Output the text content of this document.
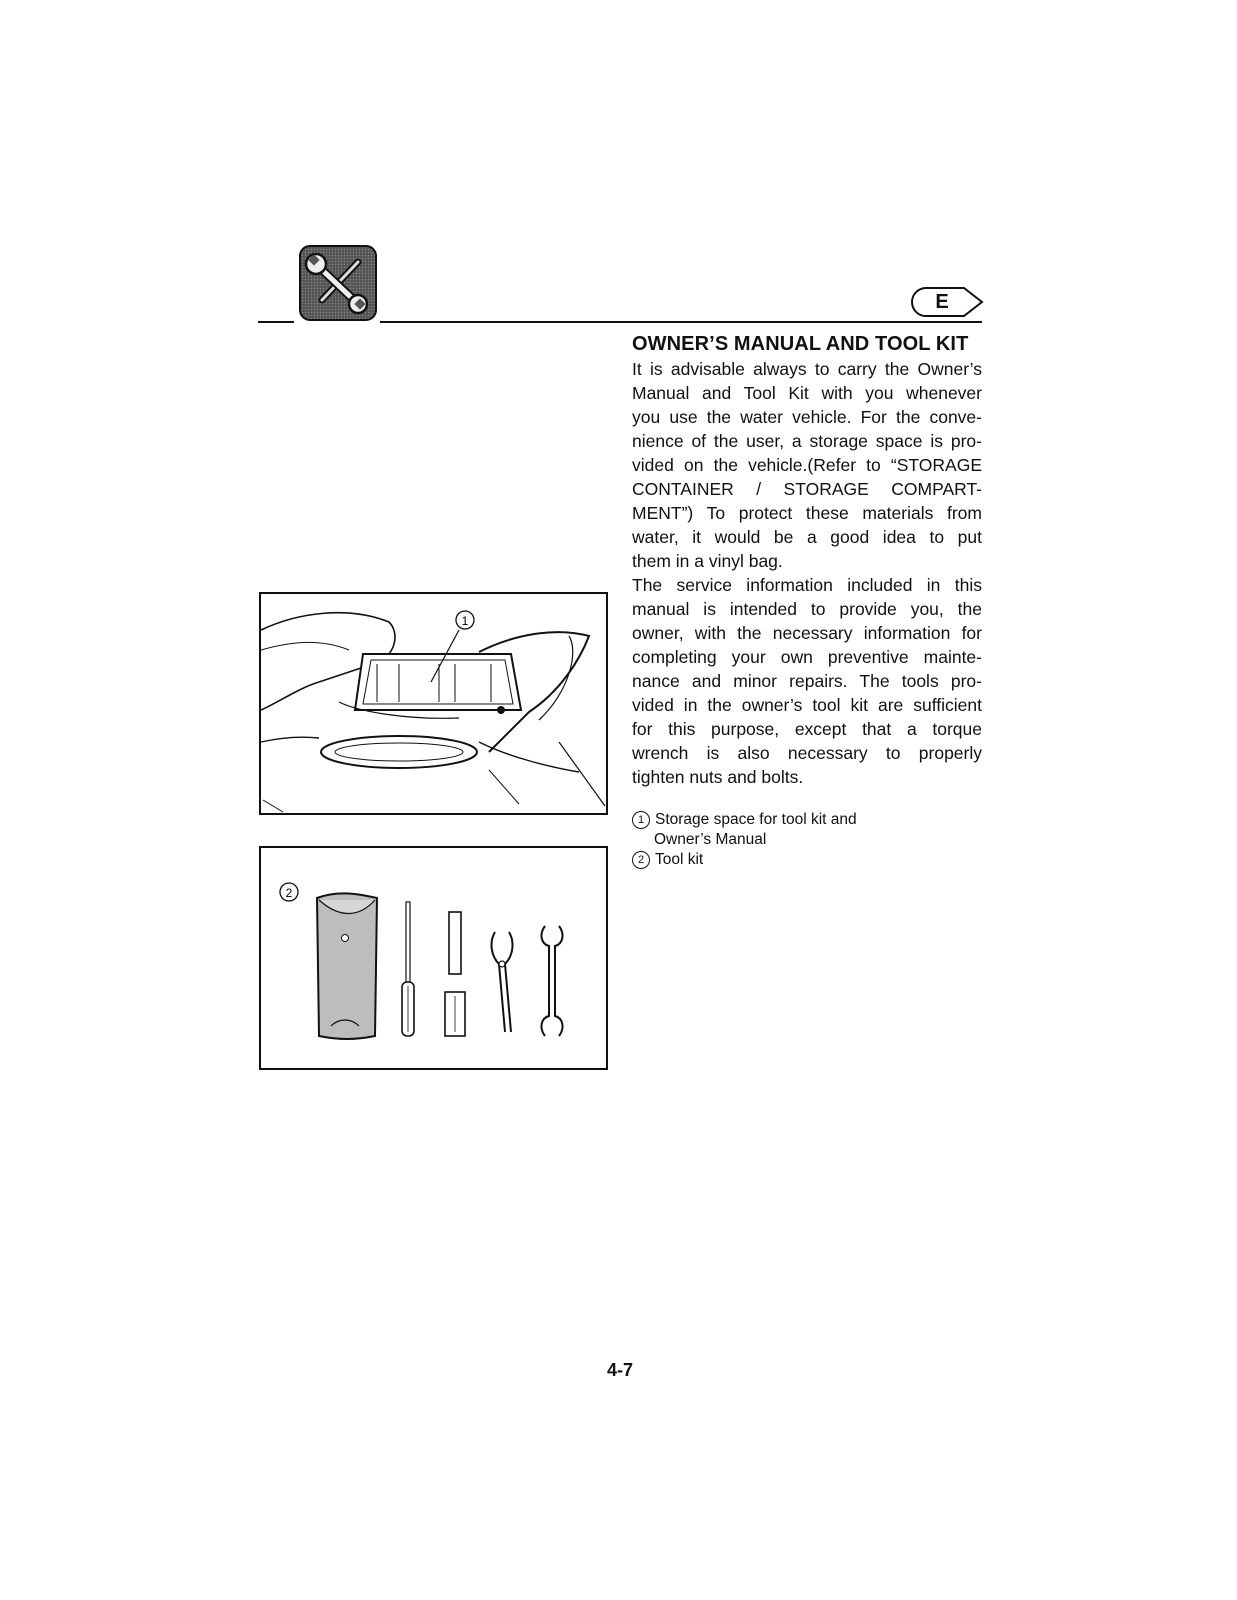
E
OWNER’S MANUAL AND TOOL KIT
It is advisable always to carry the Owner’s
Manual and Tool Kit with you whenever
you use the water vehicle. For the conve-
nience of the user, a storage space is pro-
vided on the vehicle.(Refer to “STORAGE
CONTAINER / STORAGE COMPART-
MENT”) To protect these materials from
water, it would be a good idea to put
them in a vinyl bag.
The service information included in this
manual is intended to provide you, the
owner, with the necessary information for
completing your own preventive mainte-
nance and minor repairs. The tools pro-
vided in the owner’s tool kit are sufficient
for this purpose, except that a torque
wrench is also necessary to properly
tighten nuts and bolts.
1 Storage space for tool kit and
Owner’s Manual
2 Tool kit
1
2
4-7
